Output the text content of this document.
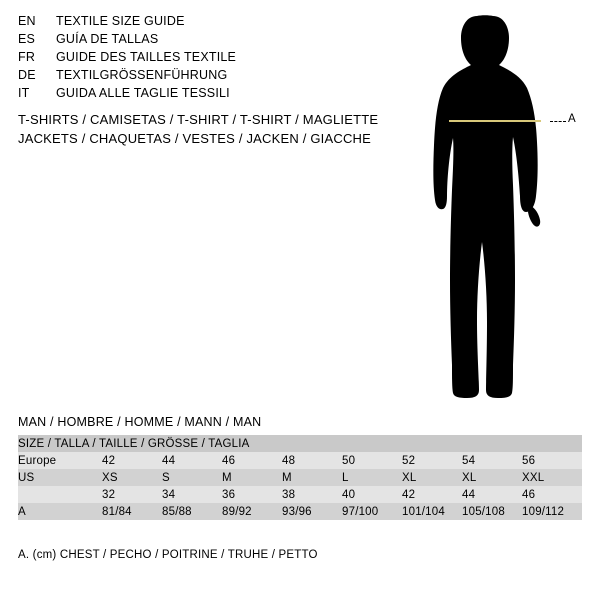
EN	TEXTILE SIZE GUIDE
ES	GUÍA DE TALLAS
FR	GUIDE DES TAILLES TEXTILE
DE	TEXTILGRÖSSENFÜHRUNG
IT	GUIDA ALLE TAGLIE TESSILI
T-SHIRTS / CAMISETAS / T-SHIRT / T-SHIRT / MAGLIETTE
JACKETS / CHAQUETAS / VESTES / JACKEN / GIACCHE
A
MAN / HOMBRE / HOMME / MANN / MAN
SIZE / TALLA / TAILLE / GRÖSSE / TAGLIA								
Europe	42	44	46	48	50	52	54	56
US	XS	S	M	M	L	XL	XL	XXL
	32	34	36	38	40	42	44	46
A	81/84	85/88	89/92	93/96	97/100	101/104	105/108	109/112
A. (cm) CHEST / PECHO / POITRINE / TRUHE / PETTO
